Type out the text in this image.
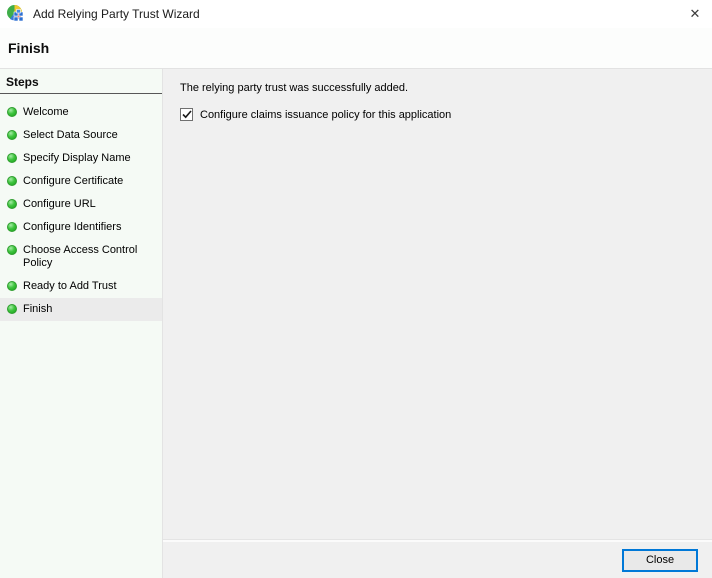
Add Relying Party Trust Wizard	✕
Finish
Steps
Welcome
Select Data Source
Specify Display Name
Configure Certificate
Configure URL
Configure Identifiers
Choose Access Control Policy
Ready to Add Trust
Finish

The relying party trust was successfully added.

Configure claims issuance policy for this application
Close
